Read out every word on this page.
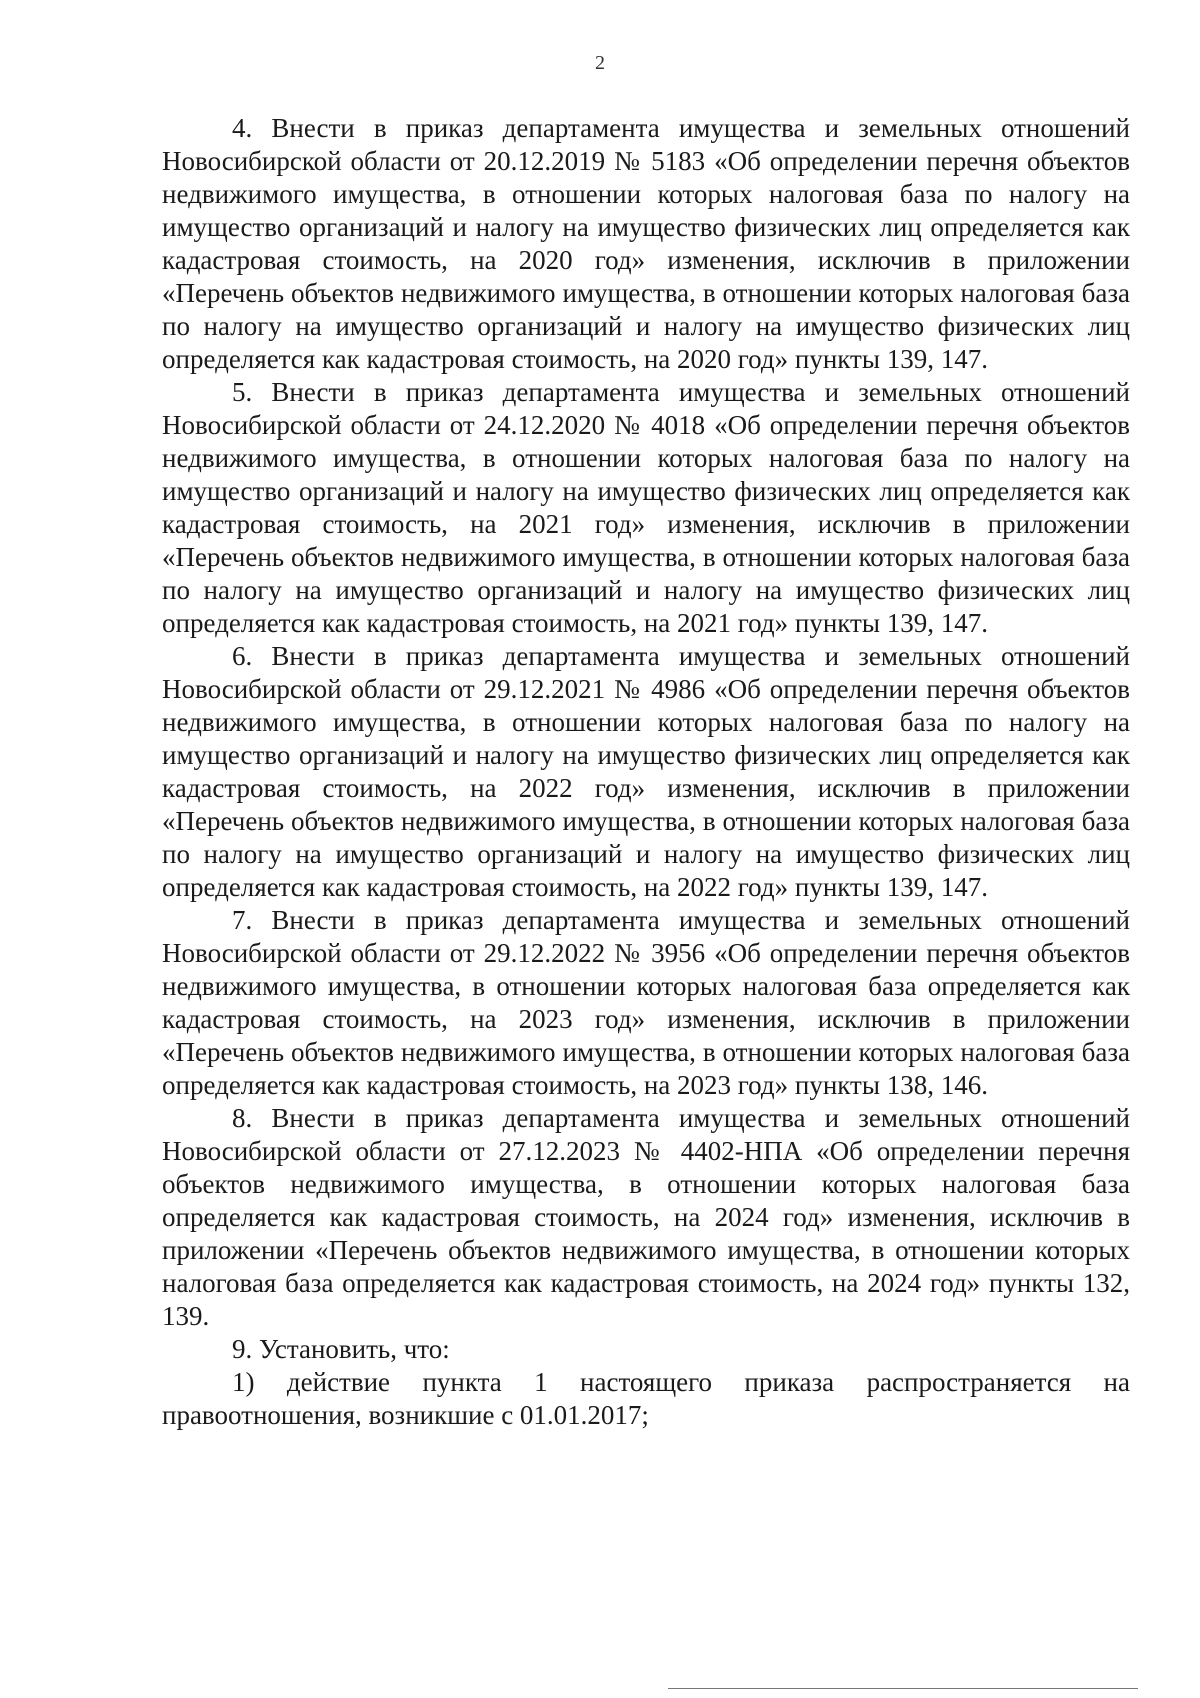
2

4. Внести в приказ департамента имущества и земельных отношений Новосибирской области от 20.12.2019 № 5183 «Об определении перечня объектов недвижимого имущества, в отношении которых налоговая база по налогу на имущество организаций и налогу на имущество физических лиц определяется как кадастровая стоимость, на 2020 год» изменения, исключив в приложении «Перечень объектов недвижимого имущества, в отношении которых налоговая база по налогу на имущество организаций и налогу на имущество физических лиц определяется как кадастровая стоимость, на 2020 год» пункты 139, 147.

5. Внести в приказ департамента имущества и земельных отношений Новосибирской области от 24.12.2020 № 4018 «Об определении перечня объектов недвижимого имущества, в отношении которых налоговая база по налогу на имущество организаций и налогу на имущество физических лиц определяется как кадастровая стоимость, на 2021 год» изменения, исключив в приложении «Перечень объектов недвижимого имущества, в отношении которых налоговая база по налогу на имущество организаций и налогу на имущество физических лиц определяется как кадастровая стоимость, на 2021 год» пункты 139, 147.

6. Внести в приказ департамента имущества и земельных отношений Новосибирской области от 29.12.2021 № 4986 «Об определении перечня объектов недвижимого имущества, в отношении которых налоговая база по налогу на имущество организаций и налогу на имущество физических лиц определяется как кадастровая стоимость, на 2022 год» изменения, исключив в приложении «Перечень объектов недвижимого имущества, в отношении которых налоговая база по налогу на имущество организаций и налогу на имущество физических лиц определяется как кадастровая стоимость, на 2022 год» пункты 139, 147.

7. Внести в приказ департамента имущества и земельных отношений Новосибирской области от 29.12.2022 № 3956 «Об определении перечня объектов недвижимого имущества, в отношении которых налоговая база определяется как кадастровая стоимость, на 2023 год» изменения, исключив в приложении «Перечень объектов недвижимого имущества, в отношении которых налоговая база определяется как кадастровая стоимость, на 2023 год» пункты 138, 146.

8. Внести в приказ департамента имущества и земельных отношений Новосибирской области от 27.12.2023 № 4402-НПА «Об определении перечня объектов недвижимого имущества, в отношении которых налоговая база определяется как кадастровая стоимость, на 2024 год» изменения, исключив в приложении «Перечень объектов недвижимого имущества, в отношении которых налоговая база определяется как кадастровая стоимость, на 2024 год» пункты 132, 139.

9. Установить, что:

1) действие пункта 1 настоящего приказа распространяется на правоотношения, возникшие с 01.01.2017;
